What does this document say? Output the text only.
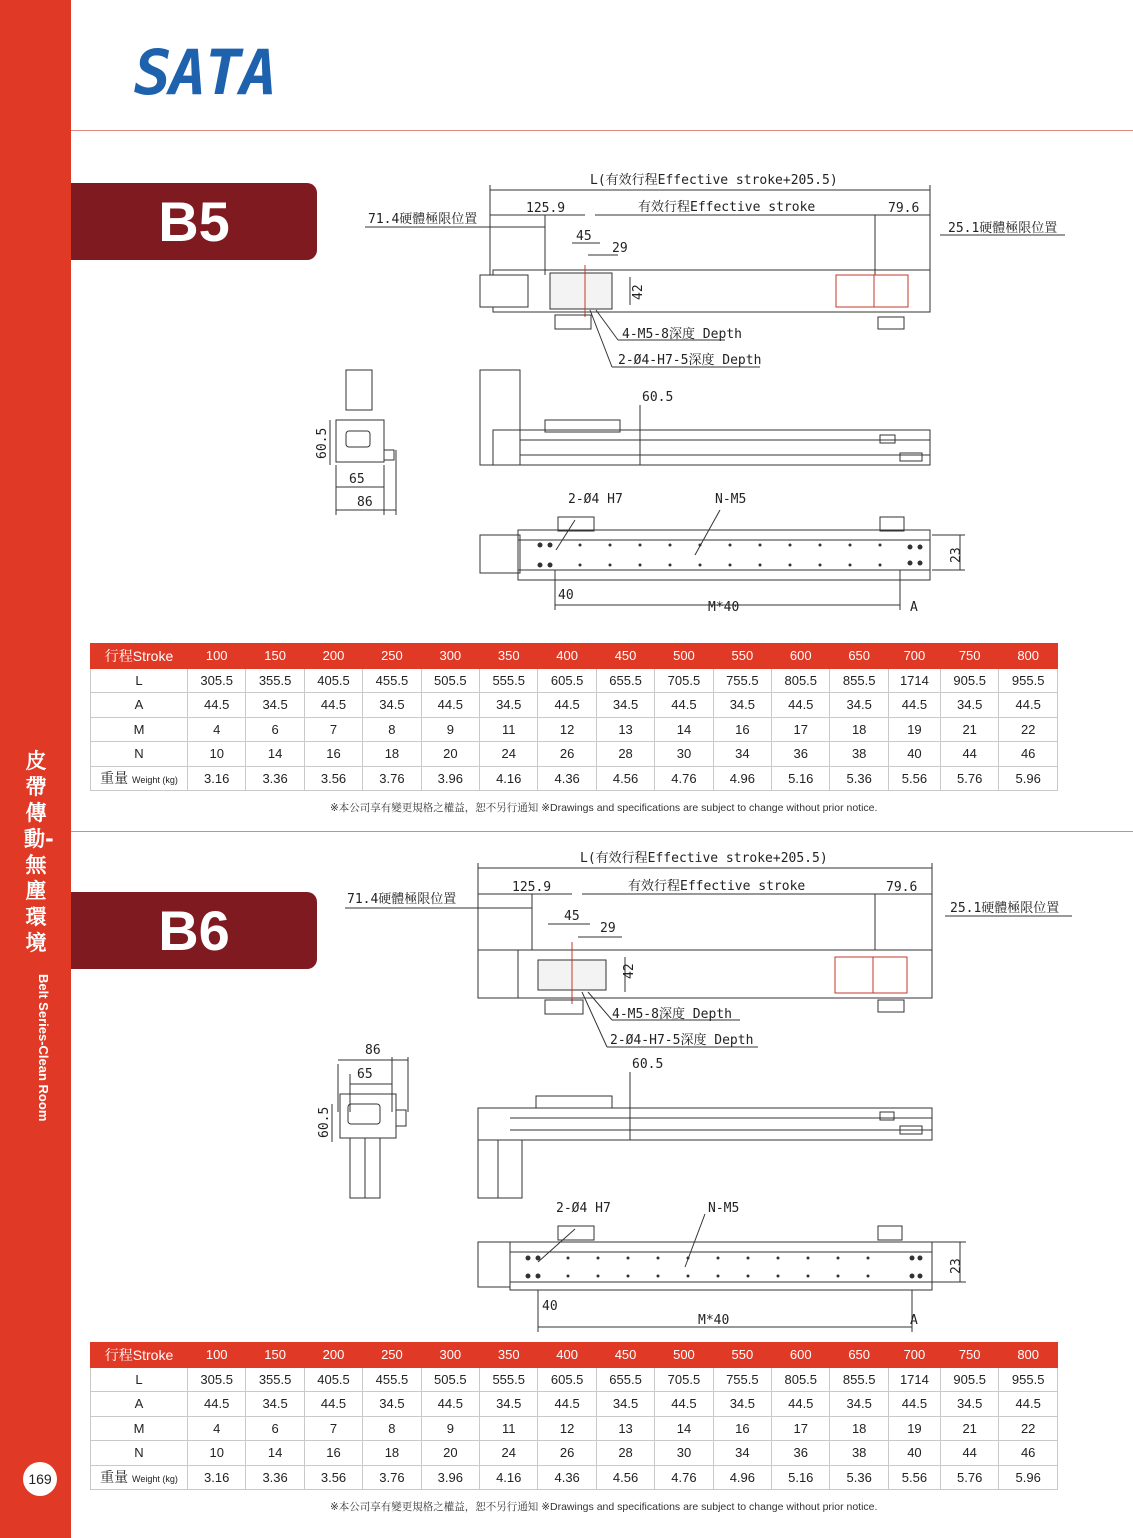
皮帶傳動-無塵環境
Belt Series-Clean Room
169
SATA
B5
L(有效行程Effective stroke+205.5)
125.9	有效行程Effective stroke	79.6
71.4硬體極限位置
25.1硬體極限位置
45
29
42
4-M5-8深度 Depth
2-Ø4-H7-5深度 Depth
60.5
60.5
65
86	2-Ø4 H7	N-M5
40
M*40	A
23
行程Stroke	100	150	200	250	300	350	400	450	500	550	600	650	700	750	800
L	305.5	355.5	405.5	455.5	505.5	555.5	605.5	655.5	705.5	755.5	805.5	855.5	1714	905.5	955.5
A	44.5	34.5	44.5	34.5	44.5	34.5	44.5	34.5	44.5	34.5	44.5	34.5	44.5	34.5	44.5
M	4	6	7	8	9	11	12	13	14	16	17	18	19	21	22
N	10	14	16	18	20	24	26	28	30	34	36	38	40	44	46
重量 Weight (kg)	3.16	3.36	3.56	3.76	3.96	4.16	4.36	4.56	4.76	4.96	5.16	5.36	5.56	5.76	5.96
※本公司享有變更規格之權益，恕不另行通知 ※Drawings and specifications are subject to change without prior notice.
B6
L(有效行程Effective stroke+205.5)
125.9	有效行程Effective stroke	79.6
71.4硬體極限位置
25.1硬體極限位置
45
29
42
4-M5-8深度 Depth
2-Ø4-H7-5深度 Depth
60.5
60.5
65
86
2-Ø4 H7	N-M5
40
M*40	A
23
行程Stroke	100	150	200	250	300	350	400	450	500	550	600	650	700	750	800
L	305.5	355.5	405.5	455.5	505.5	555.5	605.5	655.5	705.5	755.5	805.5	855.5	1714	905.5	955.5
A	44.5	34.5	44.5	34.5	44.5	34.5	44.5	34.5	44.5	34.5	44.5	34.5	44.5	34.5	44.5
M	4	6	7	8	9	11	12	13	14	16	17	18	19	21	22
N	10	14	16	18	20	24	26	28	30	34	36	38	40	44	46
重量 Weight (kg)	3.16	3.36	3.56	3.76	3.96	4.16	4.36	4.56	4.76	4.96	5.16	5.36	5.56	5.76	5.96
※本公司享有變更規格之權益，恕不另行通知 ※Drawings and specifications are subject to change without prior notice.
